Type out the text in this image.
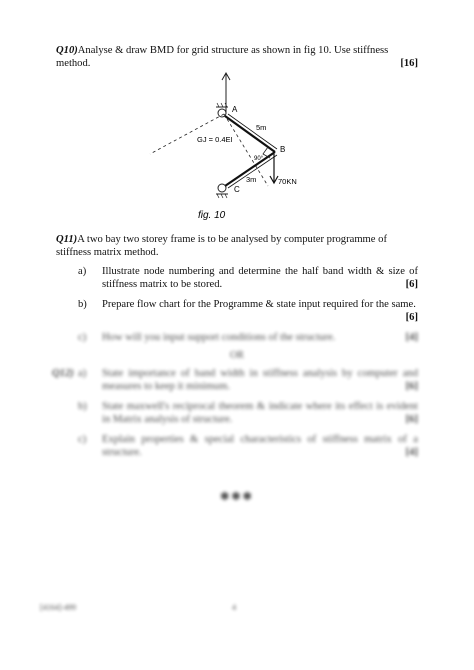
Q10)Analyse & draw BMD for grid structure as shown in fig 10. Use stiffness method.	[16]
A
B
C
5m
3m
GJ = 0.4EI
90°
70KN
fig. 10
Q11)A two bay two storey frame is to be analysed by computer programme of stiffness matrix method.
a) Illustrate node numbering and determine the half band width & size of stiffness matrix to be stored.	[6]
b) Prepare flow chart for the Programme & state input required for the same.
[6]
c) How will you input support conditions of the structure.	[4]
OR
Q12) a) State importance of band width in stiffness analysis by computer and measures to keep it minimum.	[6]
b) State maxwell's reciprocal theorem & indicate where its effect is evident in Matrix analysis of structure.	[6]
c) Explain properties & special characteristics of stiffness matrix of a structure.	[4]
✱✱✱
[4164]-499	4
